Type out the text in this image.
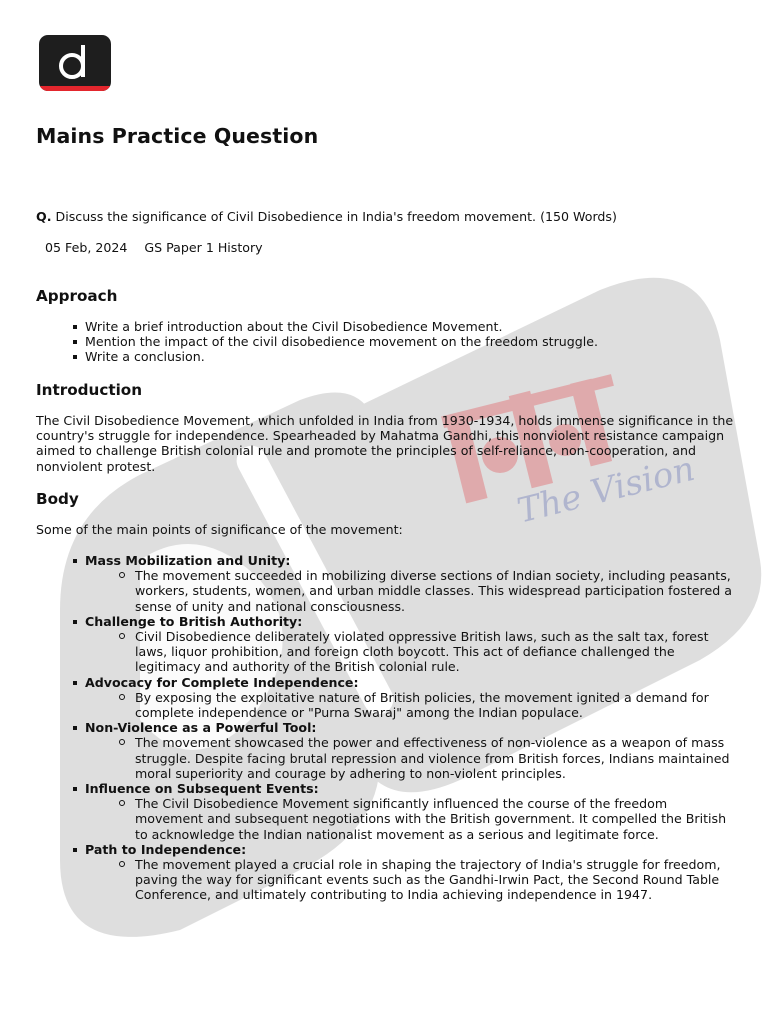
The Vision
Mains Practice Question

Q. Discuss the significance of Civil Disobedience in India's freedom movement. (150 Words)

05 Feb, 2024 GS Paper 1 History
Approach
Write a brief introduction about the Civil Disobedience Movement.
Mention the impact of the civil disobedience movement on the freedom struggle.
Write a conclusion.
Introduction

The Civil Disobedience Movement, which unfolded in India from 1930-1934, holds immense significance in the country's struggle for independence. Spearheaded by Mahatma Gandhi, this nonviolent resistance campaign aimed to challenge British colonial rule and promote the principles of self-reliance, non-cooperation, and nonviolent protest.

Body

Some of the main points of significance of the movement:

Mass Mobilization and Unity:
The movement succeeded in mobilizing diverse sections of Indian society, including peasants, workers, students, women, and urban middle classes. This widespread participation fostered a sense of unity and national consciousness.
Challenge to British Authority:
Civil Disobedience deliberately violated oppressive British laws, such as the salt tax, forest laws, liquor prohibition, and foreign cloth boycott. This act of defiance challenged the legitimacy and authority of the British colonial rule.
Advocacy for Complete Independence:
By exposing the exploitative nature of British policies, the movement ignited a demand for complete independence or "Purna Swaraj" among the Indian populace.
Non-Violence as a Powerful Tool:
The movement showcased the power and effectiveness of non-violence as a weapon of mass struggle. Despite facing brutal repression and violence from British forces, Indians maintained moral superiority and courage by adhering to non-violent principles.
Influence on Subsequent Events:
The Civil Disobedience Movement significantly influenced the course of the freedom movement and subsequent negotiations with the British government. It compelled the British to acknowledge the Indian nationalist movement as a serious and legitimate force.
Path to Independence:
The movement played a crucial role in shaping the trajectory of India's struggle for freedom, paving the way for significant events such as the Gandhi-Irwin Pact, the Second Round Table Conference, and ultimately contributing to India achieving independence in 1947.
